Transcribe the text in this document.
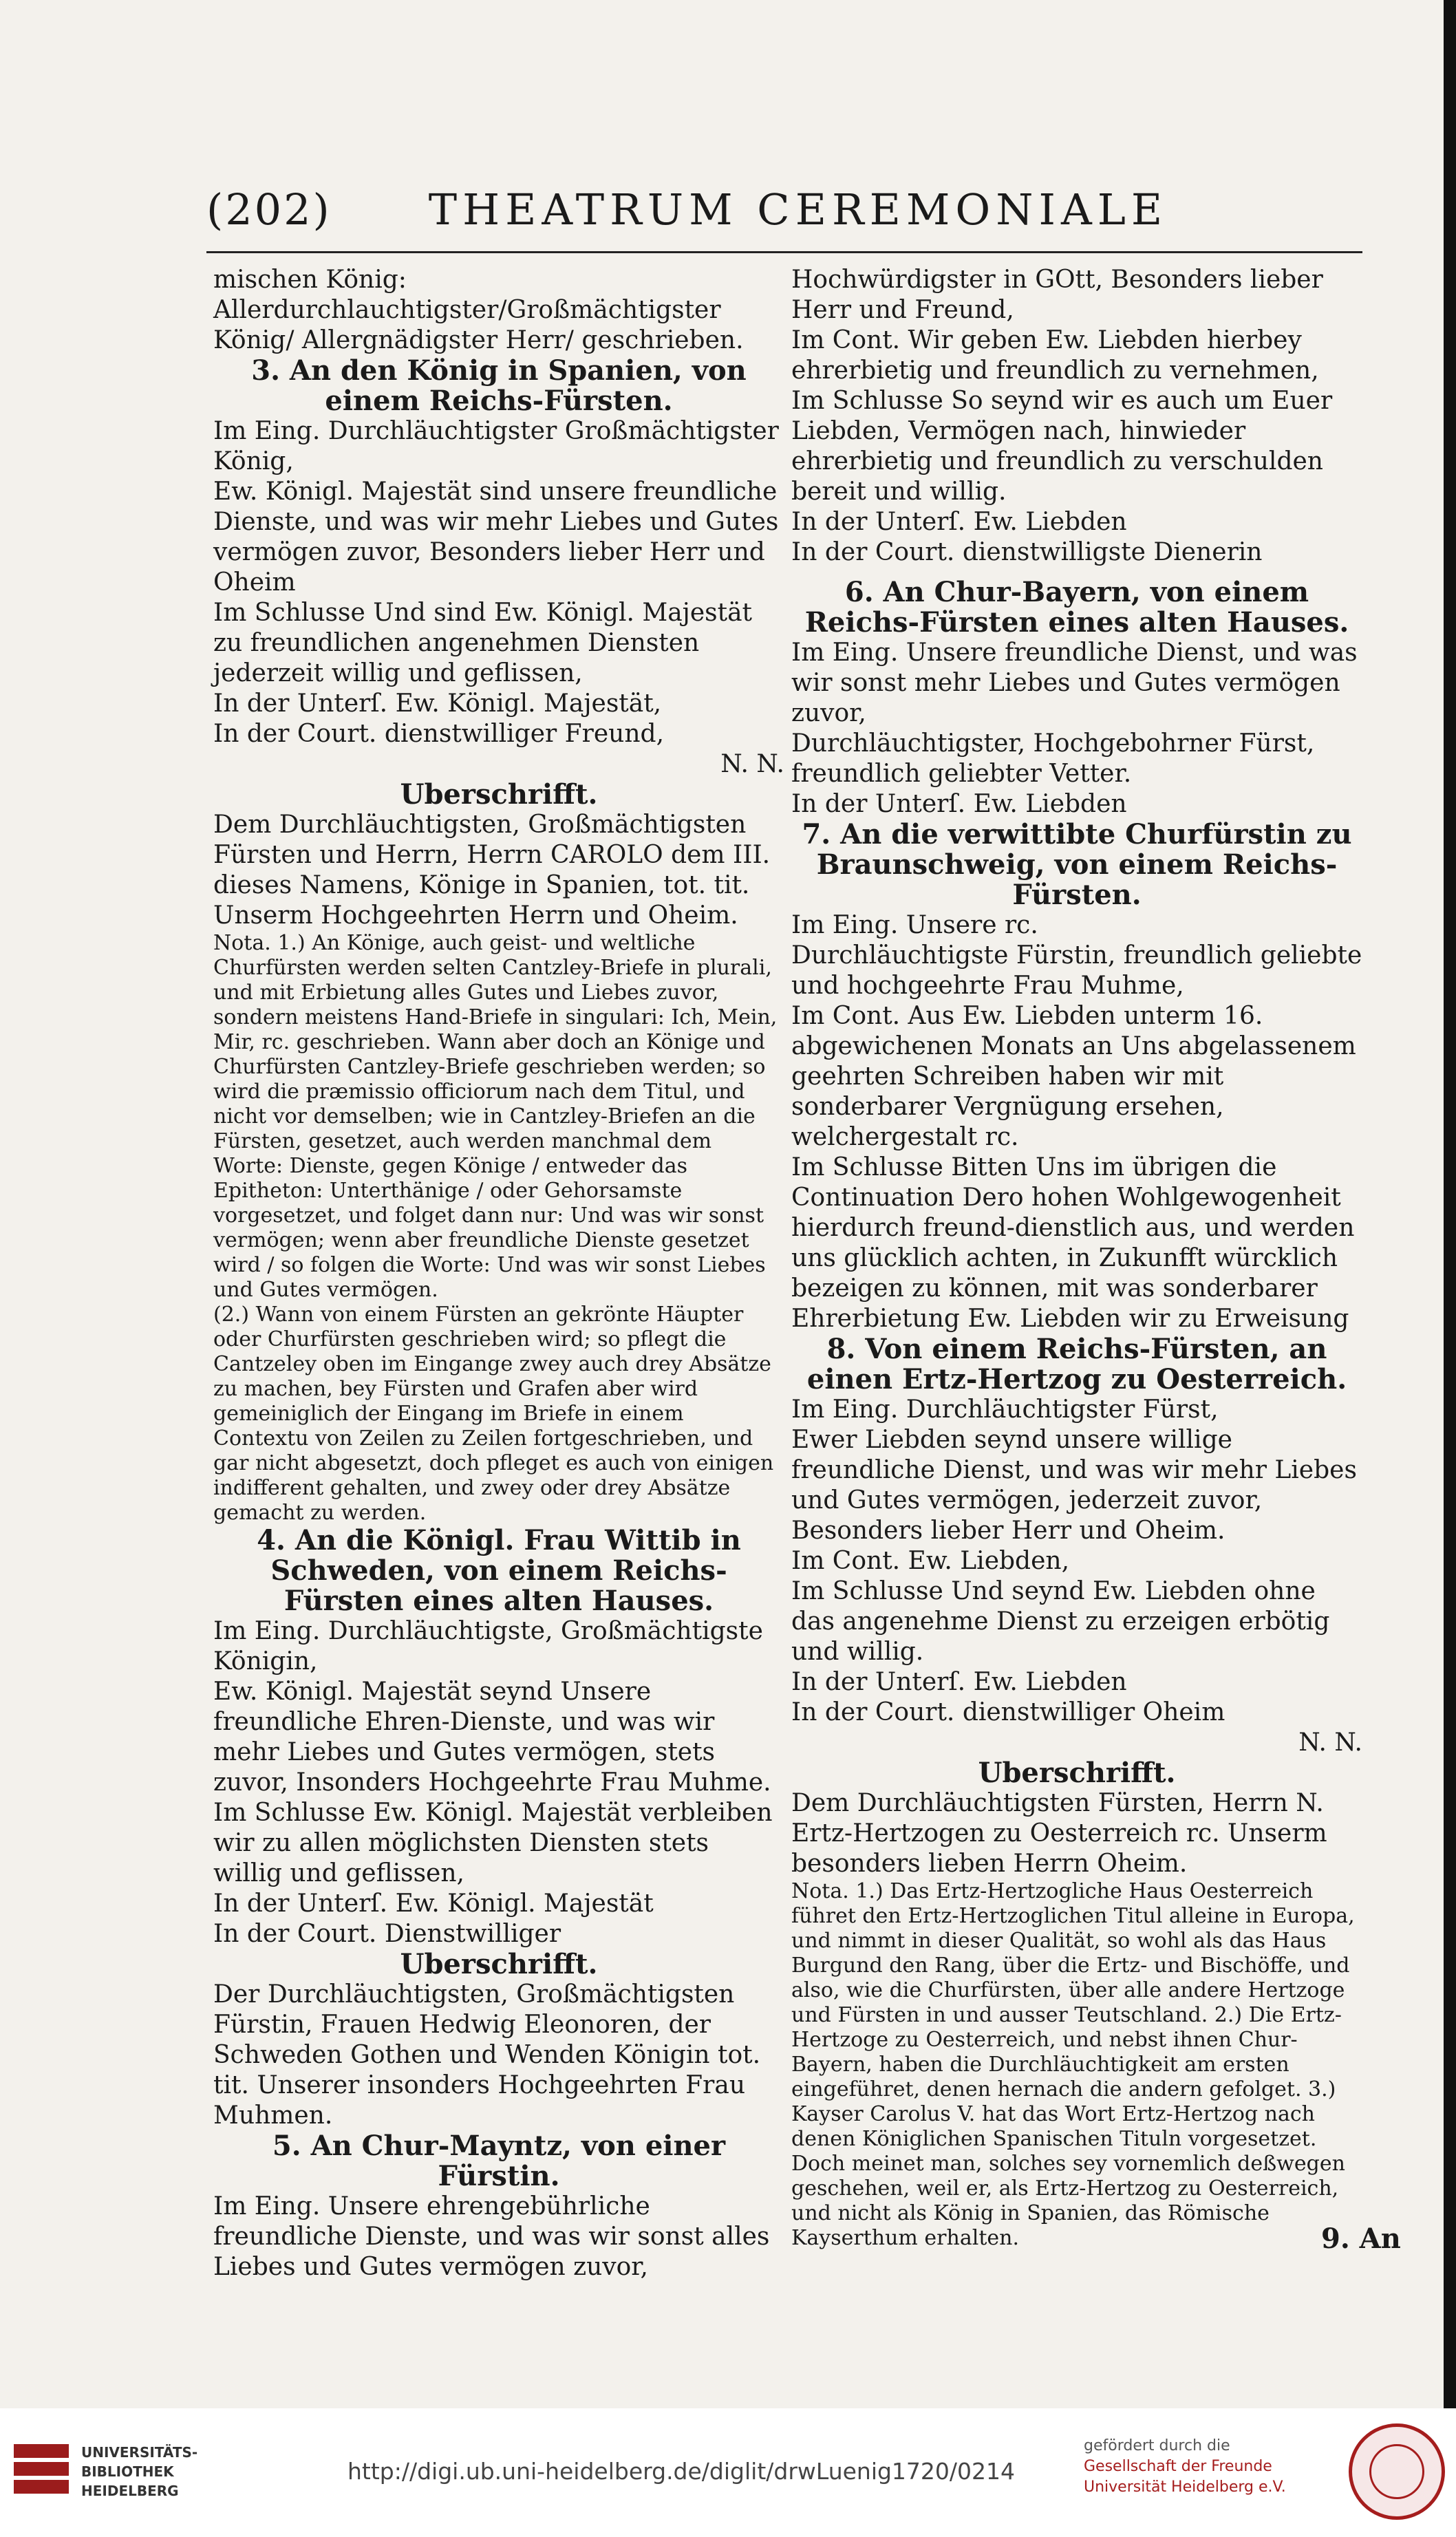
(202) THEATRUM CEREMONIALE

mischen König: Allerdurchlauchtigster/Großmächtigster König/ Allergnädigster Herr/ geschrieben.

3. An den König in Spanien, von einem Reichs-Fürsten.

Im Eing. Durchläuchtigster Großmächtigster König,

Ew. Königl. Majestät sind unsere freundliche Dienste, und was wir mehr Liebes und Gutes vermögen zuvor, Besonders lieber Herr und Oheim

Im Schlusse Und sind Ew. Königl. Majestät zu freundlichen angenehmen Diensten jederzeit willig und geflissen,

In der Unterſ. Ew. Königl. Majestät,

In der Court. dienstwilliger Freund,

N. N.

Uberschrifft.

Dem Durchläuchtigsten, Großmächtigsten Fürsten und Herrn, Herrn CAROLO dem III. dieses Namens, Könige in Spanien, tot. tit. Unserm Hochgeehrten Herrn und Oheim.

Nota. 1.) An Könige, auch geist- und weltliche Churfürsten werden selten Cantzley-Briefe in plurali, und mit Erbietung alles Gutes und Liebes zuvor, sondern meistens Hand-Briefe in singulari: Ich, Mein, Mir, rc. geschrieben. Wann aber doch an Könige und Churfürsten Cantzley-Briefe geschrieben werden; so wird die præmissio officiorum nach dem Titul, und nicht vor demselben; wie in Cantzley-Briefen an die Fürsten, gesetzet, auch werden manchmal dem Worte: Dienste, gegen Könige / entweder das Epitheton: Unterthänige / oder Gehorsamste vorgesetzet, und folget dann nur: Und was wir sonst vermögen; wenn aber freundliche Dienste gesetzet wird / so folgen die Worte: Und was wir sonst Liebes und Gutes vermögen.

(2.) Wann von einem Fürsten an gekrönte Häupter oder Churfürsten geschrieben wird; so pflegt die Cantzeley oben im Eingange zwey auch drey Absätze zu machen, bey Fürsten und Grafen aber wird gemeiniglich der Eingang im Briefe in einem Contextu von Zeilen zu Zeilen fortgeschrieben, und gar nicht abgesetzt, doch pfleget es auch von einigen indifferent gehalten, und zwey oder drey Absätze gemacht zu werden.

4. An die Königl. Frau Wittib in Schweden, von einem Reichs-Fürsten eines alten Hauses.

Im Eing. Durchläuchtigste, Großmächtigste Königin,

Ew. Königl. Majestät seynd Unsere freundliche Ehren-Dienste, und was wir mehr Liebes und Gutes vermögen, stets zuvor, Insonders Hochgeehrte Frau Muhme.

Im Schlusse Ew. Königl. Majestät verbleiben wir zu allen möglichsten Diensten stets willig und geflissen,

In der Unterſ. Ew. Königl. Majestät

In der Court. Dienstwilliger

Uberschrifft.

Der Durchläuchtigsten, Großmächtigsten Fürstin, Frauen Hedwig Eleonoren, der Schweden Gothen und Wenden Königin tot. tit. Unserer insonders Hochgeehrten Frau Muhmen.

5. An Chur-Mayntz, von einer Fürstin.

Im Eing. Unsere ehrengebührliche freundliche Dienste, und was wir sonst alles Liebes und Gutes vermögen zuvor,

Hochwürdigster in GOtt, Besonders lieber Herr und Freund,

Im Cont. Wir geben Ew. Liebden hierbey ehrerbietig und freundlich zu vernehmen,

Im Schlusse So seynd wir es auch um Euer Liebden, Vermögen nach, hinwieder ehrerbietig und freundlich zu verschulden bereit und willig.

In der Unterſ. Ew. Liebden

In der Court. dienstwilligste Dienerin

6. An Chur-Bayern, von einem Reichs-Fürsten eines alten Hauses.

Im Eing. Unsere freundliche Dienst, und was wir sonst mehr Liebes und Gutes vermögen zuvor,

Durchläuchtigster, Hochgebohrner Fürst, freundlich geliebter Vetter.

In der Unterſ. Ew. Liebden

7. An die verwittibte Churfürstin zu Braunschweig, von einem Reichs-Fürsten.

Im Eing. Unsere rc.

Durchläuchtigste Fürstin, freundlich geliebte und hochgeehrte Frau Muhme,

Im Cont. Aus Ew. Liebden unterm 16. abgewichenen Monats an Uns abgelassenem geehrten Schreiben haben wir mit sonderbarer Vergnügung ersehen, welchergestalt rc.

Im Schlusse Bitten Uns im übrigen die Continuation Dero hohen Wohlgewogenheit hierdurch freund-dienstlich aus, und werden uns glücklich achten, in Zukunfft würcklich bezeigen zu können, mit was sonderbarer Ehrerbietung Ew. Liebden wir zu Erweisung

8. Von einem Reichs-Fürsten, an einen Ertz-Hertzog zu Oesterreich.

Im Eing. Durchläuchtigster Fürst,

Ewer Liebden seynd unsere willige freundliche Dienst, und was wir mehr Liebes und Gutes vermögen, jederzeit zuvor, Besonders lieber Herr und Oheim.

Im Cont. Ew. Liebden,

Im Schlusse Und seynd Ew. Liebden ohne das angenehme Dienst zu erzeigen erbötig und willig.

In der Unterſ. Ew. Liebden

In der Court. dienstwilliger Oheim

N. N.

Uberschrifft.

Dem Durchläuchtigsten Fürsten, Herrn N. Ertz-Hertzogen zu Oesterreich rc. Unserm besonders lieben Herrn Oheim.

Nota. 1.) Das Ertz-Hertzogliche Haus Oesterreich führet den Ertz-Hertzoglichen Titul alleine in Europa, und nimmt in dieser Qualität, so wohl als das Haus Burgund den Rang, über die Ertz- und Bischöffe, und also, wie die Churfürsten, über alle andere Hertzoge und Fürsten in und ausser Teutschland. 2.) Die Ertz-Hertzoge zu Oesterreich, und nebst ihnen Chur-Bayern, haben die Durchläuchtigkeit am ersten eingeführet, denen hernach die andern gefolget. 3.) Kayser Carolus V. hat das Wort Ertz-Hertzog nach denen Königlichen Spanischen Tituln vorgesetzet. Doch meinet man, solches sey vornemlich deßwegen geschehen, weil er, als Ertz-Hertzog zu Oesterreich, und nicht als König in Spanien, das Römische Kayserthum erhalten.	9. An
UNIVERSITÄTS-
BIBLIOTHEK
HEIDELBERG
http://digi.ub.uni-heidelberg.de/diglit/drwLuenig1720/0214
gefördert durch die
Gesellschaft der Freunde
Universität Heidelberg e.V.
